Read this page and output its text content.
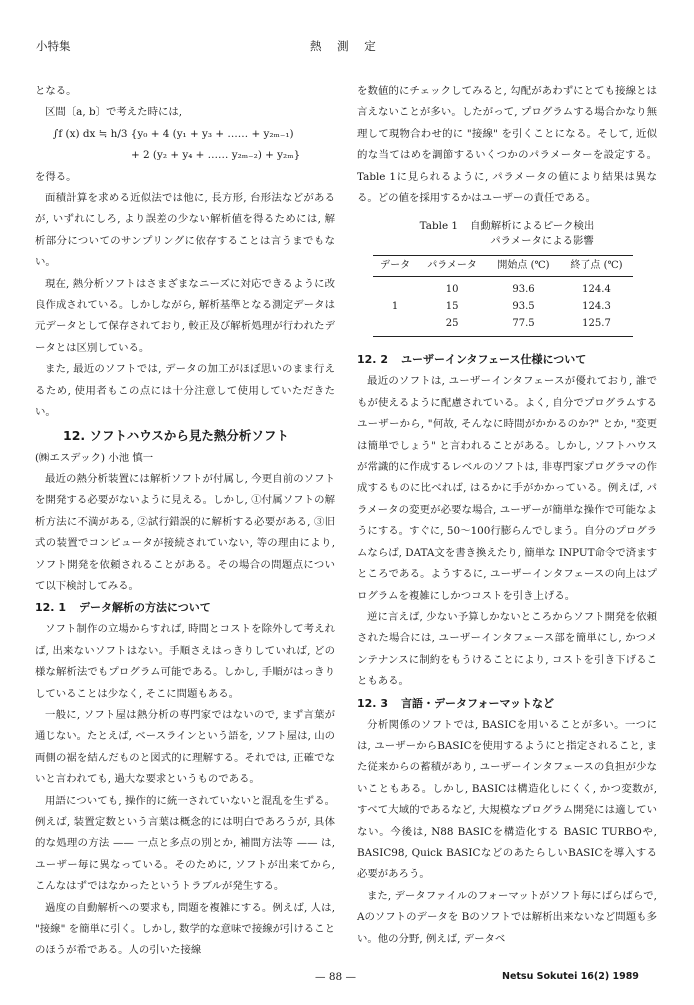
小特集	熱 測 定

となる。

区間〔a, b〕で考えた時には,

∫f (x) dx ≒ h/3 {y₀ + 4 (y₁ + y₃ + …… + y₂ₘ₋₁)

+ 2 (y₂ + y₄ + …… y₂ₘ₋₂) + y₂ₘ}

を得る。

面積計算を求める近似法では他に, 長方形, 台形法などがあるが, いずれにしろ, より誤差の少ない解析値を得るためには, 解析部分についてのサンプリングに依存することは言うまでもない。

現在, 熱分析ソフトはさまざまなニーズに対応できるように改良作成されている。しかしながら, 解析基準となる測定データは元データとして保存されており, 較正及び解析処理が行われたデータとは区別している。

また, 最近のソフトでは, データの加工がほぼ思いのまま行えるため, 使用者もこの点には十分注意して使用していただきたい。

12. ソフトハウスから見た熱分析ソフト

(㈱エスデック) 小池 慎一

最近の熱分析装置には解析ソフトが付属し, 今更自前のソフトを開発する必要がないように見える。しかし, ①付属ソフトの解析方法に不満がある, ②試行錯誤的に解析する必要がある, ③旧式の装置でコンピュータが接続されていない, 等の理由により, ソフト開発を依頼されることがある。その場合の問題点について以下検討してみる。

12. 1 データ解析の方法について

ソフト制作の立場からすれば, 時間とコストを除外して考えれば, 出来ないソフトはない。手順さえはっきりしていれば, どの様な解析法でもプログラム可能である。しかし, 手順がはっきりしていることは少なく, そこに問題もある。

一般に, ソフト屋は熱分析の専門家ではないので, まず言葉が通じない。たとえば, ベースラインという語を, ソフト屋は, 山の両側の裾を結んだものと図式的に理解する。それでは, 正確でないと言われても, 過大な要求というものである。

用語についても, 操作的に統一されていないと混乱を生ずる。例えば, 装置定数という言葉は概念的には明白であろうが, 具体的な処理の方法 —— 一点と多点の別とか, 補間方法等 —— は, ユーザー毎に異なっている。そのために, ソフトが出来てから, こんなはずではなかったというトラブルが発生する。

過度の自動解析への要求も, 問題を複雑にする。例えば, 人は, "接線" を簡単に引く。しかし, 数学的な意味で接線が引けることのほうが希である。人の引いた接線

を数値的にチェックしてみると, 勾配があわずにとても接線とは言えないことが多い。したがって, プログラムする場合かなり無理して現物合わせ的に "接線" を引くことになる。そして, 近似的な当てはめを調節するいくつかのパラメーターを設定する。Table 1に見られるように, パラメータの値により結果は異なる。どの値を採用するかはユーザーの責任である。

Table 1 自動解析によるピーク検出
パラメータによる影響
データ	パラメータ	開始点 (℃)	終了点 (℃)
	10	93.6	124.4
1	15	93.5	124.3
	25	77.5	125.7

12. 2 ユーザーインタフェース仕様について

最近のソフトは, ユーザーインタフェースが優れており, 誰でもが使えるように配慮されている。よく, 自分でプログラムするユーザーから, "何故, そんなに時間がかかるのか?" とか, "変更は簡単でしょう" と言われることがある。しかし, ソフトハウスが常識的に作成するレベルのソフトは, 非専門家プログラマの作成するものに比べれば, はるかに手がかかっている。例えば, パラメータの変更が必要な場合, ユーザーが簡単な操作で可能なようにする。すぐに, 50〜100行膨らんでしまう。自分のプログラムならば, DATA文を書き換えたり, 簡単な INPUT命令で済ますところである。ようするに, ユーザーインタフェースの向上はプログラムを複雑にしかつコストを引き上げる。

逆に言えば, 少ない予算しかないところからソフト開発を依頼された場合には, ユーザーインタフェース部を簡単にし, かつメンテナンスに制約をもうけることにより, コストを引き下げることもある。

12. 3 言語・データフォーマットなど

分析関係のソフトでは, BASICを用いることが多い。一つには, ユーザーからBASICを使用するようにと指定されること, また従来からの蓄積があり, ユーザーインタフェースの負担が少ないこともある。しかし, BASICは構造化しにくく, かつ変数が, すべて大域的であるなど, 大規模なプログラム開発には適していない。今後は, N88 BASICを構造化する BASIC TURBOや, BASIC98, Quick BASICなどのあたらしいBASICを導入する必要があろう。

また, データファイルのフォーマットがソフト毎にばらばらで, Aのソフトのデータを Bのソフトでは解析出来ないなど問題も多い。他の分野, 例えば, データベ

— 88 —	Netsu Sokutei 16(2) 1989
